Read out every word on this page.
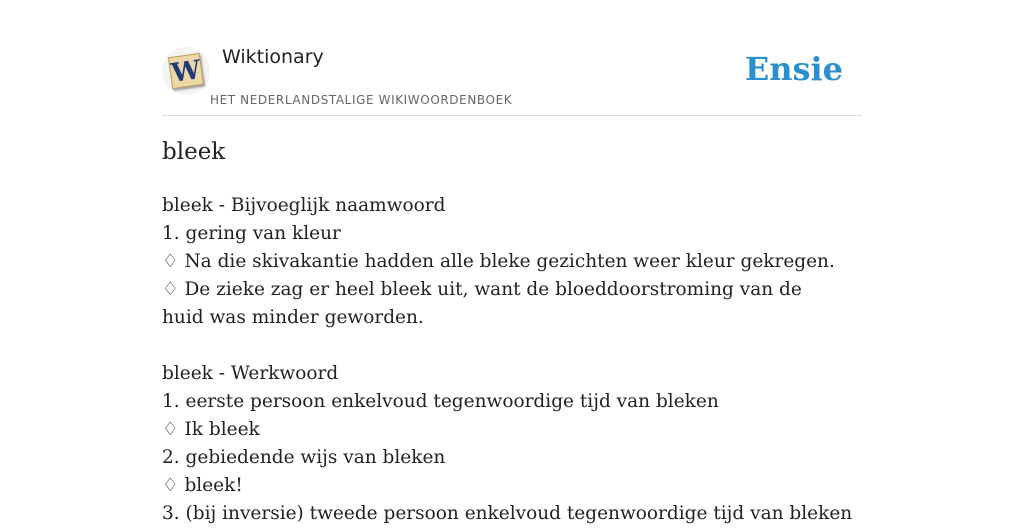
W Wiktionary
HET NEDERLANDSTALIGE WIKIWOORDENBOEK
Ensie
bleek
bleek - Bijvoeglijk naamwoord
1. gering van kleur
♢ Na die skivakantie hadden alle bleke gezichten weer kleur gekregen.
♢ De zieke zag er heel bleek uit, want de bloeddoorstroming van de huid was minder geworden.
bleek - Werkwoord
1. eerste persoon enkelvoud tegenwoordige tijd van bleken
♢ Ik bleek
2. gebiedende wijs van bleken
♢ bleek!
3. (bij inversie) tweede persoon enkelvoud tegenwoordige tijd van bleken
